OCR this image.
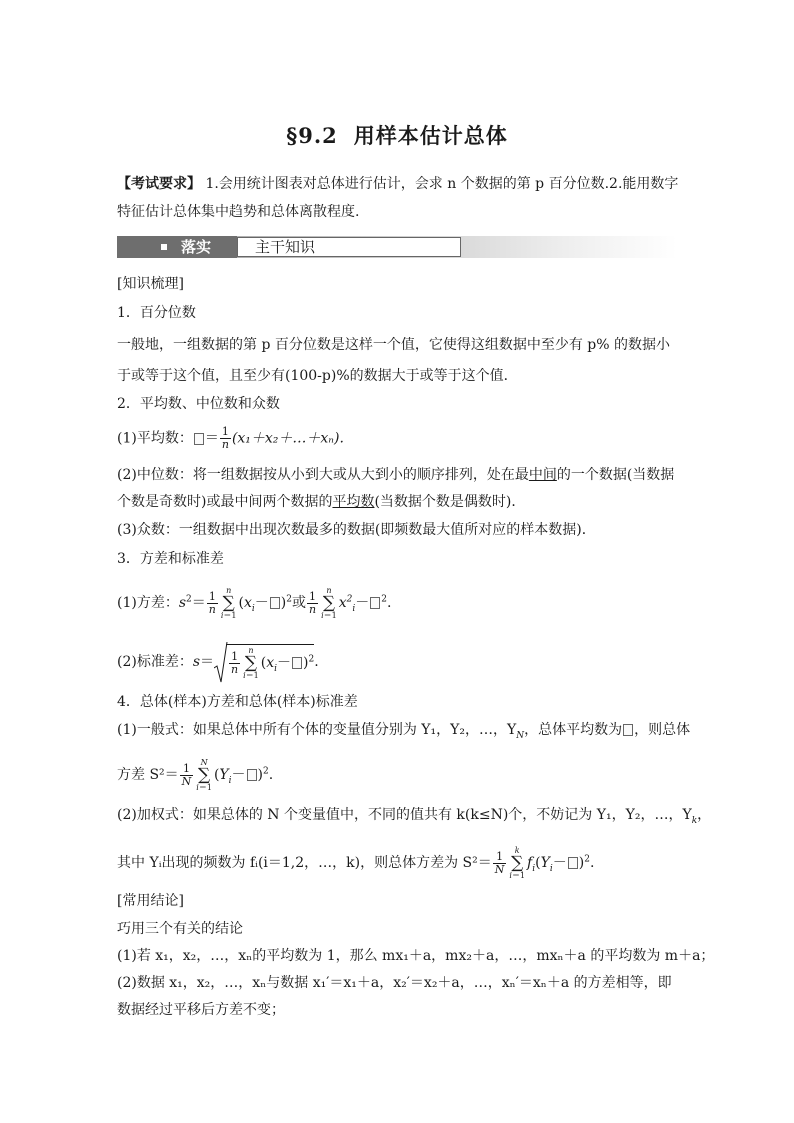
§9.2 用样本估计总体
【考试要求】 1.会用统计图表对总体进行估计，会求 n 个数据的第 p 百分位数.2.能用数字特征估计总体集中趋势和总体离散程度.
落实	主干知识
[知识梳理]
1．百分位数
一般地，一组数据的第 p 百分位数是这样一个值，它使得这组数据中至少有 p% 的数据小于或等于这个值，且至少有(100-p)%的数据大于或等于这个值．
2．平均数、中位数和众数
(1)平均数： ＝ $\frac{1}{n}$ (x₁＋x₂＋…＋xₙ).
(2)中位数：将一组数据按从小到大或从大到小的顺序排列，处在最中间的一个数据(当数据个数是奇数时)或最中间两个数据的平均数(当数据个数是偶数时)．
(3)众数：一组数据中出现次数最多的数据(即频数最大值所对应的样本数据)．
3．方差和标准差
(1)方差：$s^2= \frac{1}{n}$ n
∑
$i=1(x_i- )^2$或 $\frac{1}{n}$ n
∑
$i=1x^2_i- ^2$.
(2)标准差：$s= \frac{1}{n}$ n
∑
$i=1(x_i- )^2$.
4．总体(样本)方差和总体(样本)标准差
(1)一般式：如果总体中所有个体的变量值分别为 Y₁，Y₂，…，$Y_N$，总体平均数为 ，则总体
方差 $S^2= \frac{1}{N}$ N
∑
$i=1(Y_i- )^2$.
(2)加权式：如果总体的 N 个变量值中，不同的值共有 k(k≤N)个，不妨记为 Y₁，Y₂，…，$Y_k$，
其中 Yᵢ出现的频数为 fᵢ(i＝1,2，…，k)，则总体方差为 $S^2= \frac{1}{N}$ k
∑
$i=1f_i(Y_i- )^2$.
[常用结论]
巧用三个有关的结论
(1)若 x₁，x₂，…，xₙ的平均数为 1，那么 mx₁＋a，mx₂＋a，…，mxₙ＋a 的平均数为 m＋a；
(2)数据 x₁，x₂，…，xₙ与数据 x₁′＝x₁＋a，x₂′＝x₂＋a，…，xₙ′＝xₙ＋a 的方差相等，即
数据经过平移后方差不变；
